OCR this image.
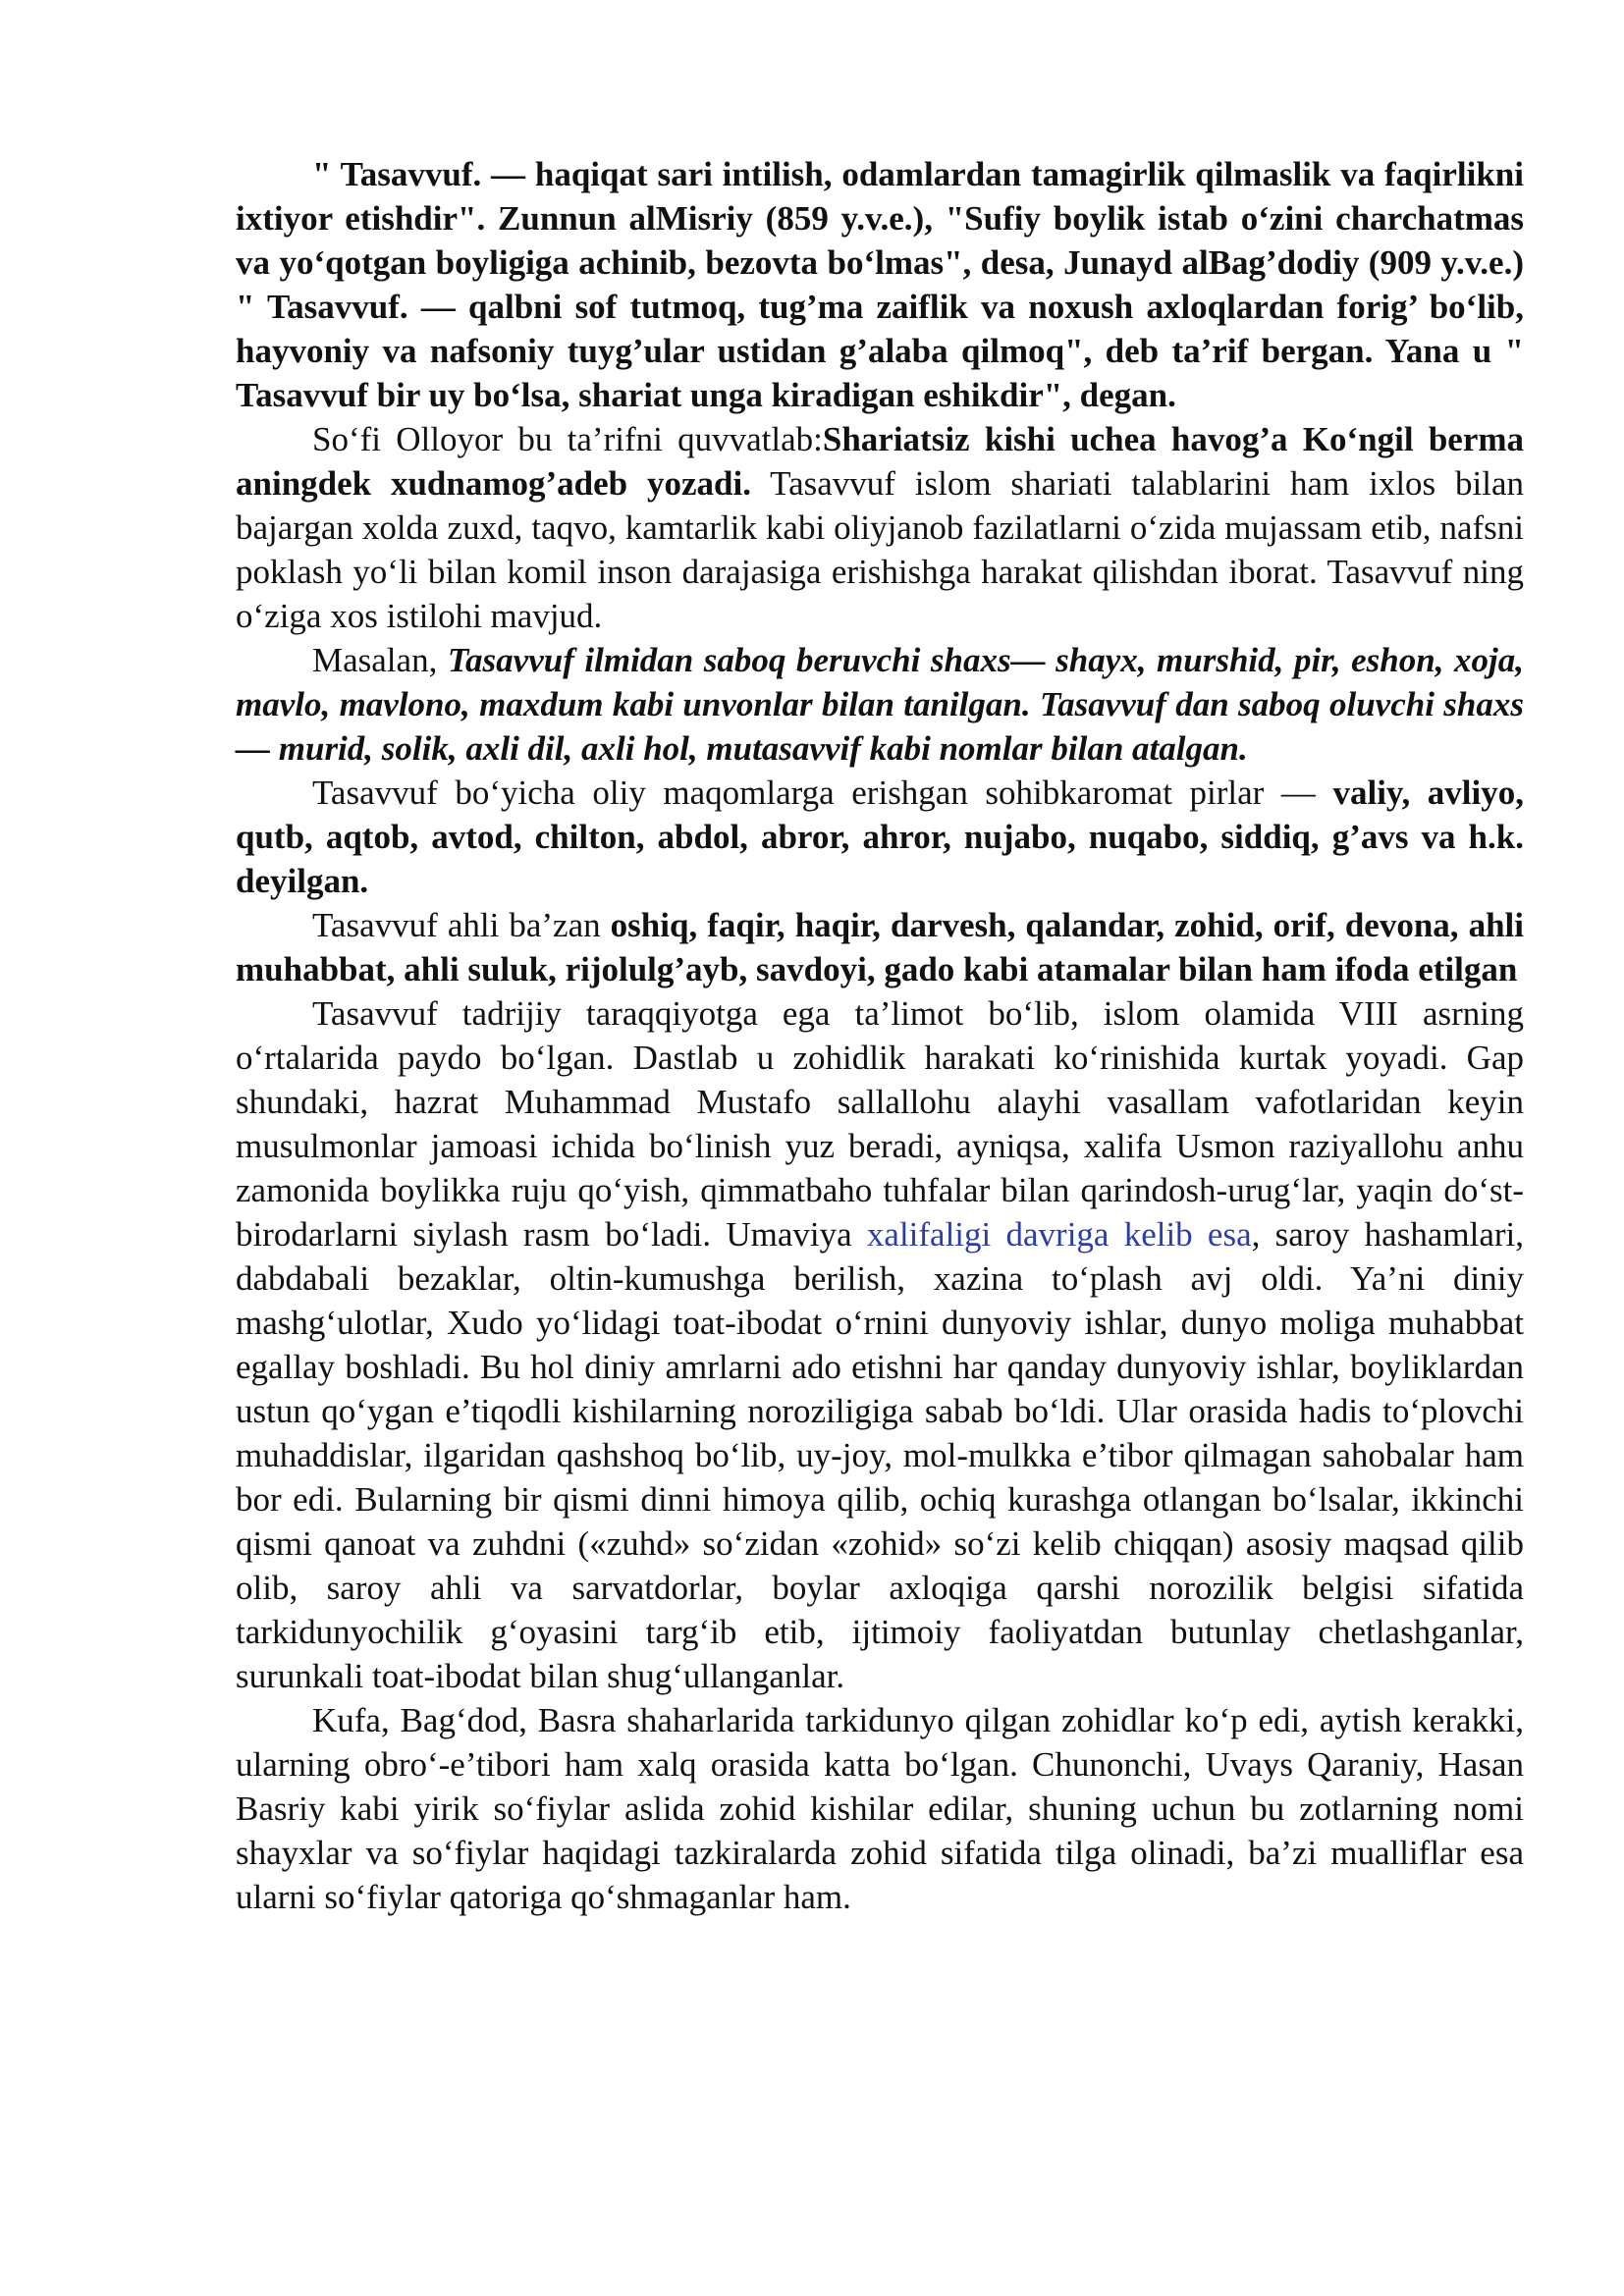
" Tasavvuf. — haqiqat sari intilish, odamlardan tamagirlik qilmaslik va faqirlikni ixtiyor etishdir". Zunnun alMisriy (859 y.v.e.), "Sufiy boylik istab o‘zini charchatmas va yo‘qotgan boyligiga achinib, bezovta bo‘lmas", desa, Junayd alBag’dodiy (909 y.v.e.) " Tasavvuf. — qalbni sof tutmoq, tug’ma zaiflik va noxush axloqlardan forig’ bo‘lib, hayvoniy va nafsoniy tuyg’ular ustidan g’alaba qilmoq", deb ta’rif bergan. Yana u " Tasavvuf bir uy bo‘lsa, shariat unga kiradigan eshikdir", degan.

So‘fi Olloyor bu ta’rifni quvvatlab:Shariatsiz kishi uchea havog’a Ko‘ngil berma aningdek xudnamog’adeb yozadi. Tasavvuf islom shariati talablarini ham ixlos bilan bajargan xolda zuxd, taqvo, kamtarlik kabi oliyjanob fazilatlarni o‘zida mujassam etib, nafsni poklash yo‘li bilan komil inson darajasiga erishishga harakat qilishdan iborat. Tasavvuf ning o‘ziga xos istilohi mavjud.

Masalan, Tasavvuf ilmidan saboq beruvchi shaxs— shayx, murshid, pir, eshon, xoja, mavlo, mavlono, maxdum kabi unvonlar bilan tanilgan. Tasavvuf dan saboq oluvchi shaxs — murid, solik, axli dil, axli hol, mutasavvif kabi nomlar bilan atalgan.

Tasavvuf bo‘yicha oliy maqomlarga erishgan sohibkaromat pirlar — valiy, avliyo, qutb, aqtob, avtod, chilton, abdol, abror, ahror, nujabo, nuqabo, siddiq, g’avs va h.k. deyilgan.

Tasavvuf ahli ba’zan oshiq, faqir, haqir, darvesh, qalandar, zohid, orif, devona, ahli muhabbat, ahli suluk, rijolulg’ayb, savdoyi, gado kabi atamalar bilan ham ifoda etilgan

Tasavvuf tadrijiy taraqqiyotga ega ta’limot bo‘lib, islom olamida VIII asrning o‘rtalarida paydo bo‘lgan. Dastlab u zohidlik harakati ko‘rinishida kurtak yoyadi. Gap shundaki, hazrat Muhammad Mustafo sallallohu alayhi vasallam vafotlaridan keyin musulmonlar jamoasi ichida bo‘linish yuz beradi, ayniqsa, xalifa Usmon raziyallohu anhu zamonida boylikka ruju qo‘yish, qimmatbaho tuhfalar bilan qarindosh-urug‘lar, yaqin do‘st-birodarlarni siylash rasm bo‘ladi. Umaviya xalifaligi davriga kelib esa, saroy hashamlari, dabdabali bezaklar, oltin-kumushga berilish, xazina to‘plash avj oldi. Ya’ni diniy mashg‘ulotlar, Xudo yo‘lidagi toat-ibodat o‘rnini dunyoviy ishlar, dunyo moliga muhabbat egallay boshladi. Bu hol diniy amrlarni ado etishni har qanday dunyoviy ishlar, boyliklardan ustun qo‘ygan e’tiqodli kishilarning noroziligiga sabab bo‘ldi. Ular orasida hadis to‘plovchi muhaddislar, ilgaridan qashshoq bo‘lib, uy-joy, mol-mulkka e’tibor qilmagan sahobalar ham bor edi. Bularning bir qismi dinni himoya qilib, ochiq kurashga otlangan bo‘lsalar, ikkinchi qismi qanoat va zuhdni («zuhd» so‘zidan «zohid» so‘zi kelib chiqqan) asosiy maqsad qilib olib, saroy ahli va sarvatdorlar, boylar axloqiga qarshi norozilik belgisi sifatida tarkidunyochilik g‘oyasini targ‘ib etib, ijtimoiy faoliyatdan butunlay chetlashganlar, surunkali toat-ibodat bilan shug‘ullanganlar.

Kufa, Bag‘dod, Basra shaharlarida tarkidunyo qilgan zohidlar ko‘p edi, aytish kerakki, ularning obro‘-e’tibori ham xalq orasida katta bo‘lgan. Chunonchi, Uvays Qaraniy, Hasan Basriy kabi yirik so‘fiylar aslida zohid kishilar edilar, shuning uchun bu zotlarning nomi shayxlar va so‘fiylar haqidagi tazkiralarda zohid sifatida tilga olinadi, ba’zi mualliflar esa ularni so‘fiylar qatoriga qo‘shmaganlar ham.
